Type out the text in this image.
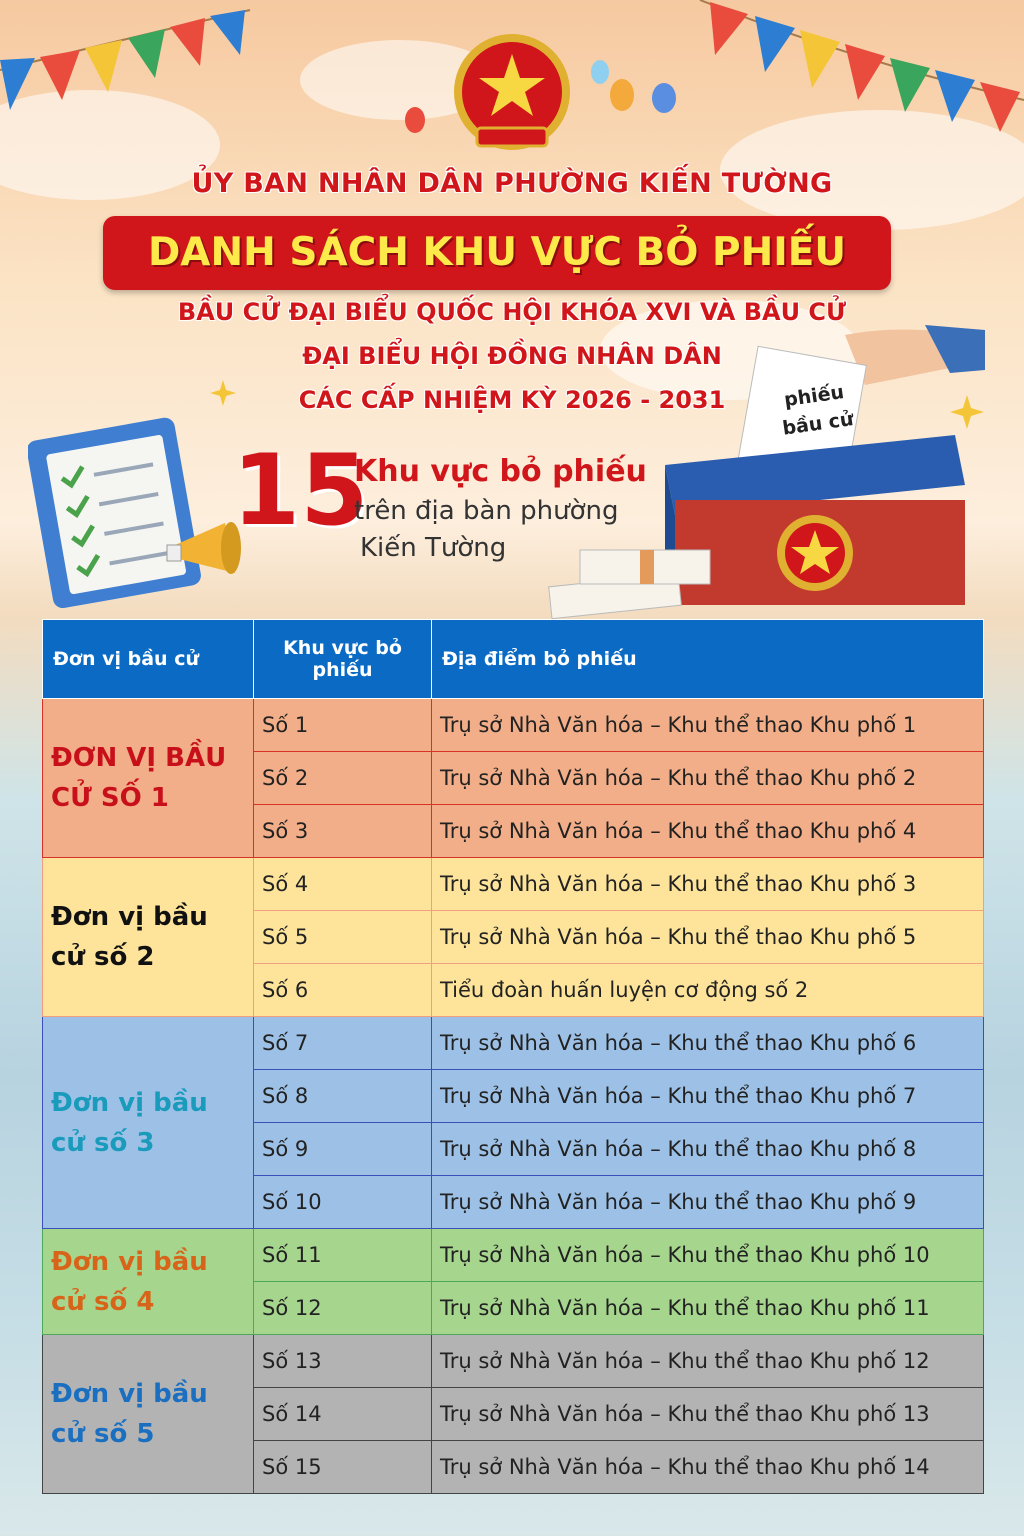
ỦY BAN NHÂN DÂN PHƯỜNG KIẾN TƯỜNG
DANH SÁCH KHU VỰC BỎ PHIẾU
BẦU CỬ ĐẠI BIỂU QUỐC HỘI KHÓA XVI VÀ BẦU CỬ
ĐẠI BIỂU HỘI ĐỒNG NHÂN DÂN
CÁC CẤP NHIỆM KỲ 2026 - 2031	phiếu
bầu cử
15
Khu vực bỏ phiếu
trên địa bàn phường
Kiến Tường
Đơn vị bầu cử	Khu vực bỏ phiếu	Địa điểm bỏ phiếu
ĐƠN VỊ BẦU CỬ SỐ 1	Số 1	Trụ sở Nhà Văn hóa – Khu thể thao Khu phố 1
	Số 2	Trụ sở Nhà Văn hóa – Khu thể thao Khu phố 2
	Số 3	Trụ sở Nhà Văn hóa – Khu thể thao Khu phố 4
Đơn vị bầu cử số 2	Số 4	Trụ sở Nhà Văn hóa – Khu thể thao Khu phố 3
	Số 5	Trụ sở Nhà Văn hóa – Khu thể thao Khu phố 5
	Số 6	Tiểu đoàn huấn luyện cơ động số 2
Đơn vị bầu cử số 3	Số 7	Trụ sở Nhà Văn hóa – Khu thể thao Khu phố 6
	Số 8	Trụ sở Nhà Văn hóa – Khu thể thao Khu phố 7
	Số 9	Trụ sở Nhà Văn hóa – Khu thể thao Khu phố 8
	Số 10	Trụ sở Nhà Văn hóa – Khu thể thao Khu phố 9
Đơn vị bầu cử số 4	Số 11	Trụ sở Nhà Văn hóa – Khu thể thao Khu phố 10
	Số 12	Trụ sở Nhà Văn hóa – Khu thể thao Khu phố 11
Đơn vị bầu cử số 5	Số 13	Trụ sở Nhà Văn hóa – Khu thể thao Khu phố 12
	Số 14	Trụ sở Nhà Văn hóa – Khu thể thao Khu phố 13
	Số 15	Trụ sở Nhà Văn hóa – Khu thể thao Khu phố 14
